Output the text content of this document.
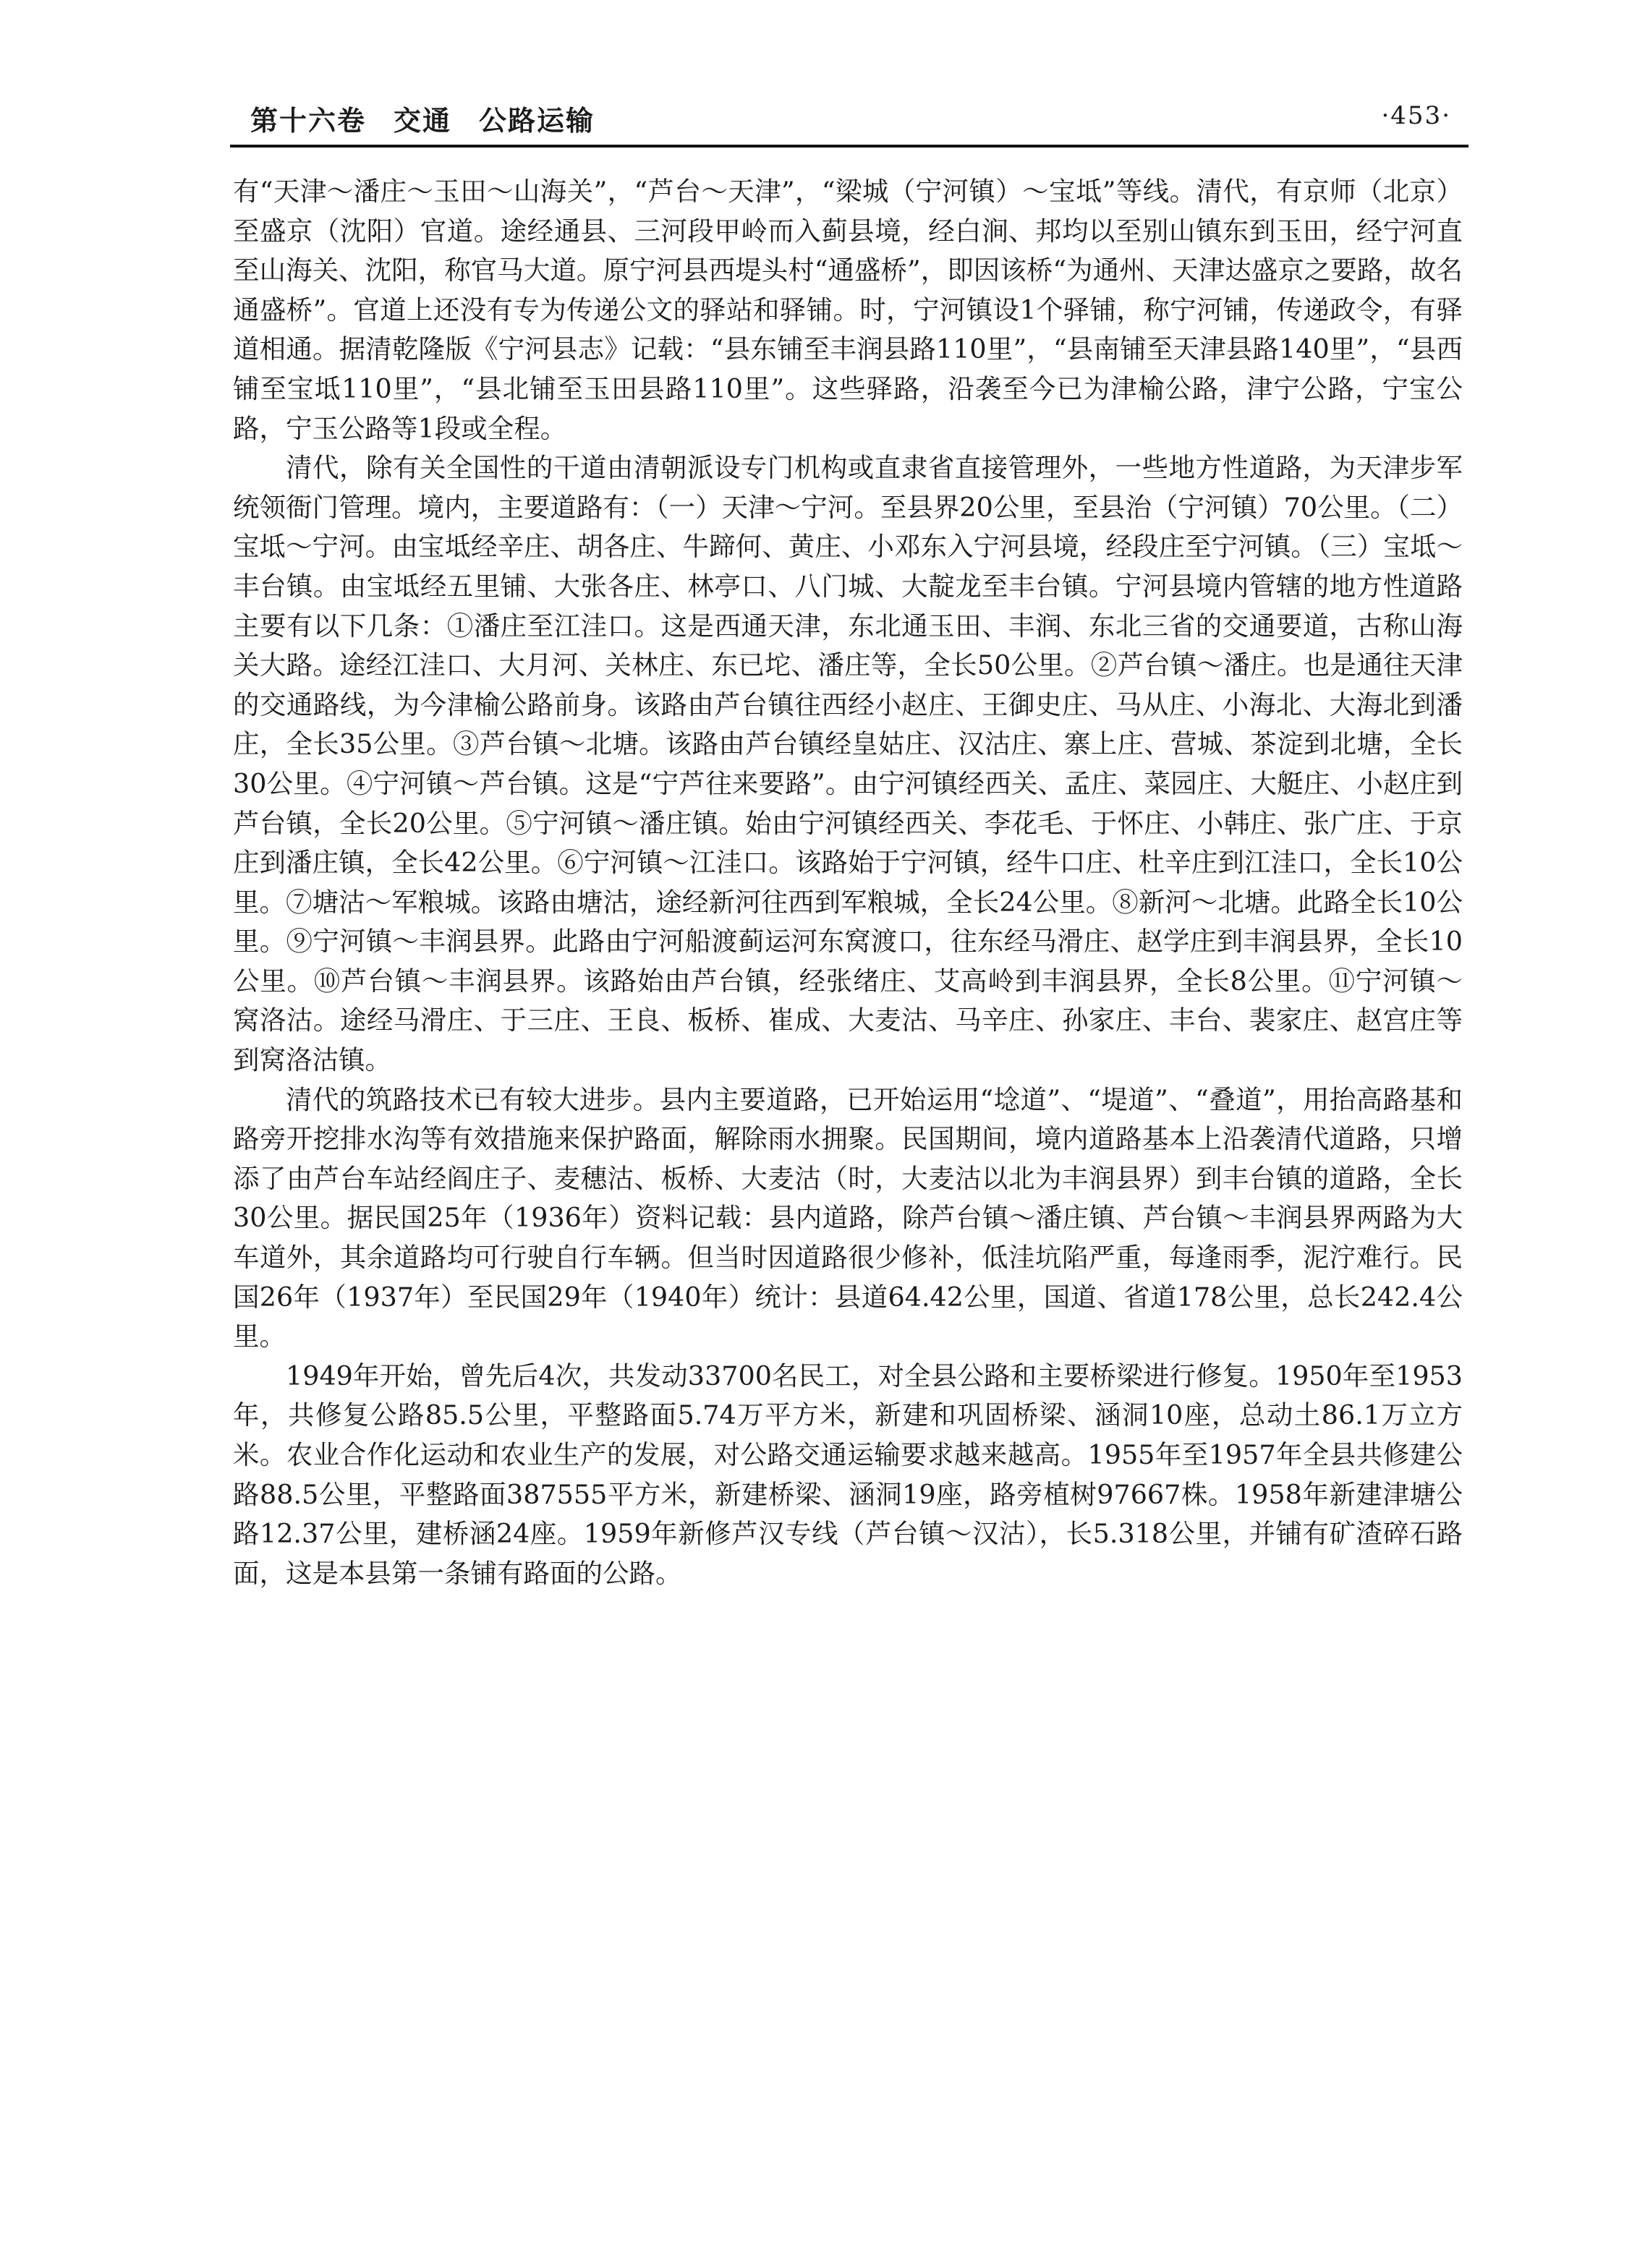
第十六卷 交通 公路运输	·453·

有“天津～潘庄～玉田～山海关”，“芦台～天津”，“梁城（宁河镇）～宝坻”等线。清代，有京师（北京）至盛京（沈阳）官道。途经通县、三河段甲岭而入蓟县境，经白涧、邦均以至别山镇东到玉田，经宁河直至山海关、沈阳，称官马大道。原宁河县西堤头村“通盛桥”，即因该桥“为通州、天津达盛京之要路，故名通盛桥”。官道上还没有专为传递公文的驿站和驿铺。时，宁河镇设1个驿铺，称宁河铺，传递政令，有驿道相通。据清乾隆版《宁河县志》记载：“县东铺至丰润县路110里”，“县南铺至天津县路140里”，“县西铺至宝坻110里”，“县北铺至玉田县路110里”。这些驿路，沿袭至今已为津榆公路，津宁公路，宁宝公路，宁玉公路等1段或全程。

清代，除有关全国性的干道由清朝派设专门机构或直隶省直接管理外，一些地方性道路，为天津步军统领衙门管理。境内，主要道路有：（一）天津～宁河。至县界20公里，至县治（宁河镇）70公里。（二）宝坻～宁河。由宝坻经辛庄、胡各庄、牛蹄何、黄庄、小邓东入宁河县境，经段庄至宁河镇。（三）宝坻～丰台镇。由宝坻经五里铺、大张各庄、林亭口、八门城、大靛龙至丰台镇。宁河县境内管辖的地方性道路主要有以下几条：①潘庄至江洼口。这是西通天津，东北通玉田、丰润、东北三省的交通要道，古称山海关大路。途经江洼口、大月河、关林庄、东已坨、潘庄等，全长50公里。②芦台镇～潘庄。也是通往天津的交通路线，为今津榆公路前身。该路由芦台镇往西经小赵庄、王御史庄、马从庄、小海北、大海北到潘庄，全长35公里。③芦台镇～北塘。该路由芦台镇经皇姑庄、汉沽庄、寨上庄、营城、茶淀到北塘，全长30公里。④宁河镇～芦台镇。这是“宁芦往来要路”。由宁河镇经西关、孟庄、菜园庄、大艇庄、小赵庄到芦台镇，全长20公里。⑤宁河镇～潘庄镇。始由宁河镇经西关、李花毛、于怀庄、小韩庄、张广庄、于京庄到潘庄镇，全长42公里。⑥宁河镇～江洼口。该路始于宁河镇，经牛口庄、杜辛庄到江洼口，全长10公里。⑦塘沽～军粮城。该路由塘沽，途经新河往西到军粮城，全长24公里。⑧新河～北塘。此路全长10公里。⑨宁河镇～丰润县界。此路由宁河船渡蓟运河东窝渡口，往东经马滑庄、赵学庄到丰润县界，全长10公里。⑩芦台镇～丰润县界。该路始由芦台镇，经张绪庄、艾高岭到丰润县界，全长8公里。⑪宁河镇～窝洛沽。途经马滑庄、于三庄、王良、板桥、崔成、大麦沽、马辛庄、孙家庄、丰台、裴家庄、赵宫庄等到窝洛沽镇。

清代的筑路技术已有较大进步。县内主要道路，已开始运用“埝道”、“堤道”、“叠道”，用抬高路基和路旁开挖排水沟等有效措施来保护路面，解除雨水拥聚。民国期间，境内道路基本上沿袭清代道路，只增添了由芦台车站经阎庄子、麦穗沽、板桥、大麦沽（时，大麦沽以北为丰润县界）到丰台镇的道路，全长30公里。据民国25年（1936年）资料记载：县内道路，除芦台镇～潘庄镇、芦台镇～丰润县界两路为大车道外，其余道路均可行驶自行车辆。但当时因道路很少修补，低洼坑陷严重，每逢雨季，泥泞难行。民国26年（1937年）至民国29年（1940年）统计：县道64.42公里，国道、省道178公里，总长242.4公里。

1949年开始，曾先后4次，共发动33700名民工，对全县公路和主要桥梁进行修复。1950年至1953年，共修复公路85.5公里，平整路面5.74万平方米，新建和巩固桥梁、涵洞10座，总动土86.1万立方米。农业合作化运动和农业生产的发展，对公路交通运输要求越来越高。1955年至1957年全县共修建公路88.5公里，平整路面387555平方米，新建桥梁、涵洞19座，路旁植树97667株。1958年新建津塘公路12.37公里，建桥涵24座。1959年新修芦汉专线（芦台镇～汉沽），长5.318公里，并铺有矿渣碎石路面，这是本县第一条铺有路面的公路。
